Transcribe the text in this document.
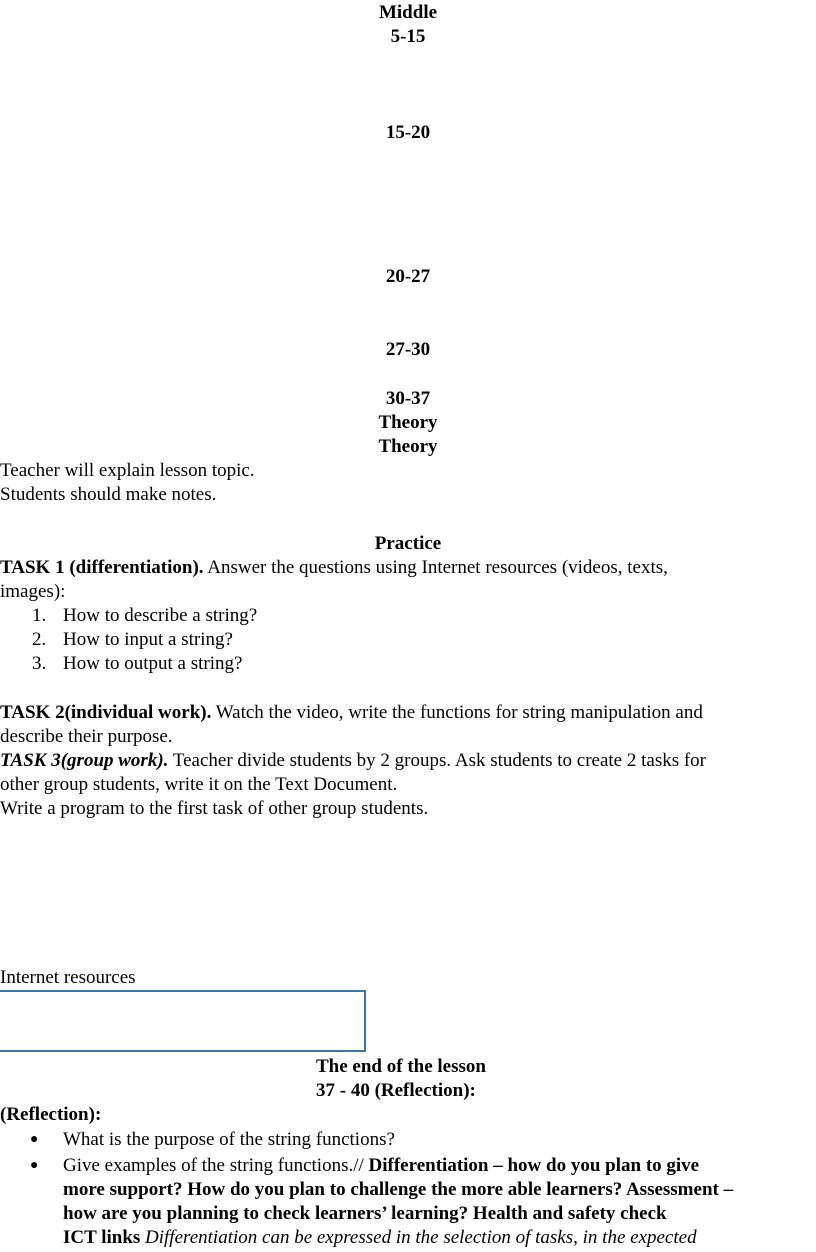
Middle
5-15
15-20
20-27
27-30
30-37
Theory
Theory
Teacher will explain lesson topic.
Students should make notes.
Practice
TASK 1 (differentiation). Answer the questions using Internet resources (videos, texts,
images):
1. How to describe a string?
2. How to input a string?
3. How to output a string?
TASK 2(individual work). Watch the video, write the functions for string manipulation and
describe their purpose.
TASK 3(group work). Teacher divide students by 2 groups. Ask students to create 2 tasks for
other group students, write it on the Text Document.
Write a program to the first task of other group students.
Internet resources
The end of the lesson
37 - 40 (Reflection):
(Reflection):
● What is the purpose of the string functions?
● Give examples of the string functions.// Differentiation – how do you plan to give
more support? How do you plan to challenge the more able learners? Assessment –
how are you planning to check learners’ learning? Health and safety check
ICT links Differentiation can be expressed in the selection of tasks, in the expected
